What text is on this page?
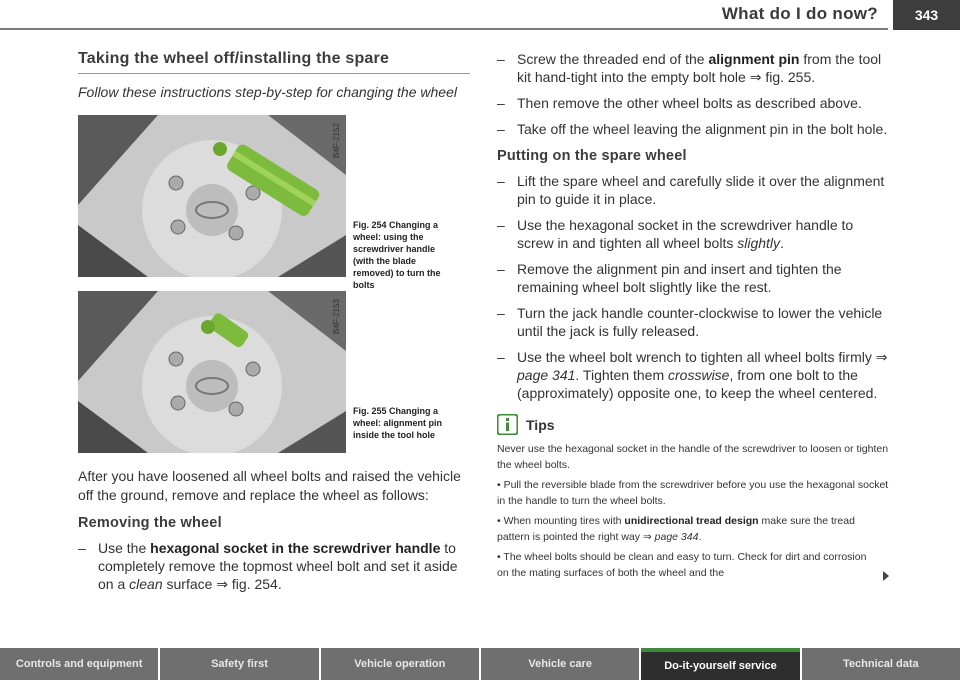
What do I do now?	343
Taking the wheel off/installing the spare
Follow these instructions step-by-step for changing the wheel
B4F-2152
Fig. 254 Changing a wheel: using the screwdriver handle (with the blade removed) to turn the bolts
B4F-2153
Fig. 255 Changing a wheel: alignment pin inside the tool hole

After you have loosened all wheel bolts and raised the vehicle off the ground, remove and replace the wheel as follows:

Removing the wheel
– Use the hexagonal socket in the screwdriver handle to completely remove the topmost wheel bolt and set it aside on a clean surface ⇒ fig. 254.
– Screw the threaded end of the alignment pin from the tool kit hand-tight into the empty bolt hole ⇒ fig. 255.
– Then remove the other wheel bolts as described above.
– Take off the wheel leaving the alignment pin in the bolt hole.
Putting on the spare wheel
– Lift the spare wheel and carefully slide it over the alignment pin to guide it in place.
– Use the hexagonal socket in the screwdriver handle to screw in and tighten all wheel bolts slightly.
– Remove the alignment pin and insert and tighten the remaining wheel bolt slightly like the rest.
– Turn the jack handle counter-clockwise to lower the vehicle until the jack is fully released.
– Use the wheel bolt wrench to tighten all wheel bolts firmly ⇒ page 341. Tighten them crosswise, from one bolt to the (approximately) opposite one, to keep the wheel centered.
Tips
Never use the hexagonal socket in the handle of the screwdriver to loosen or tighten the wheel bolts.
• Pull the reversible blade from the screwdriver before you use the hexagonal socket in the handle to turn the wheel bolts.
• When mounting tires with unidirectional tread design make sure the tread pattern is pointed the right way ⇒ page 344.
• The wheel bolts should be clean and easy to turn. Check for dirt and corrosion on the mating surfaces of both the wheel and the
Controls and equipment	Safety first	Vehicle operation	Vehicle care	Do-it-yourself service	Technical data
